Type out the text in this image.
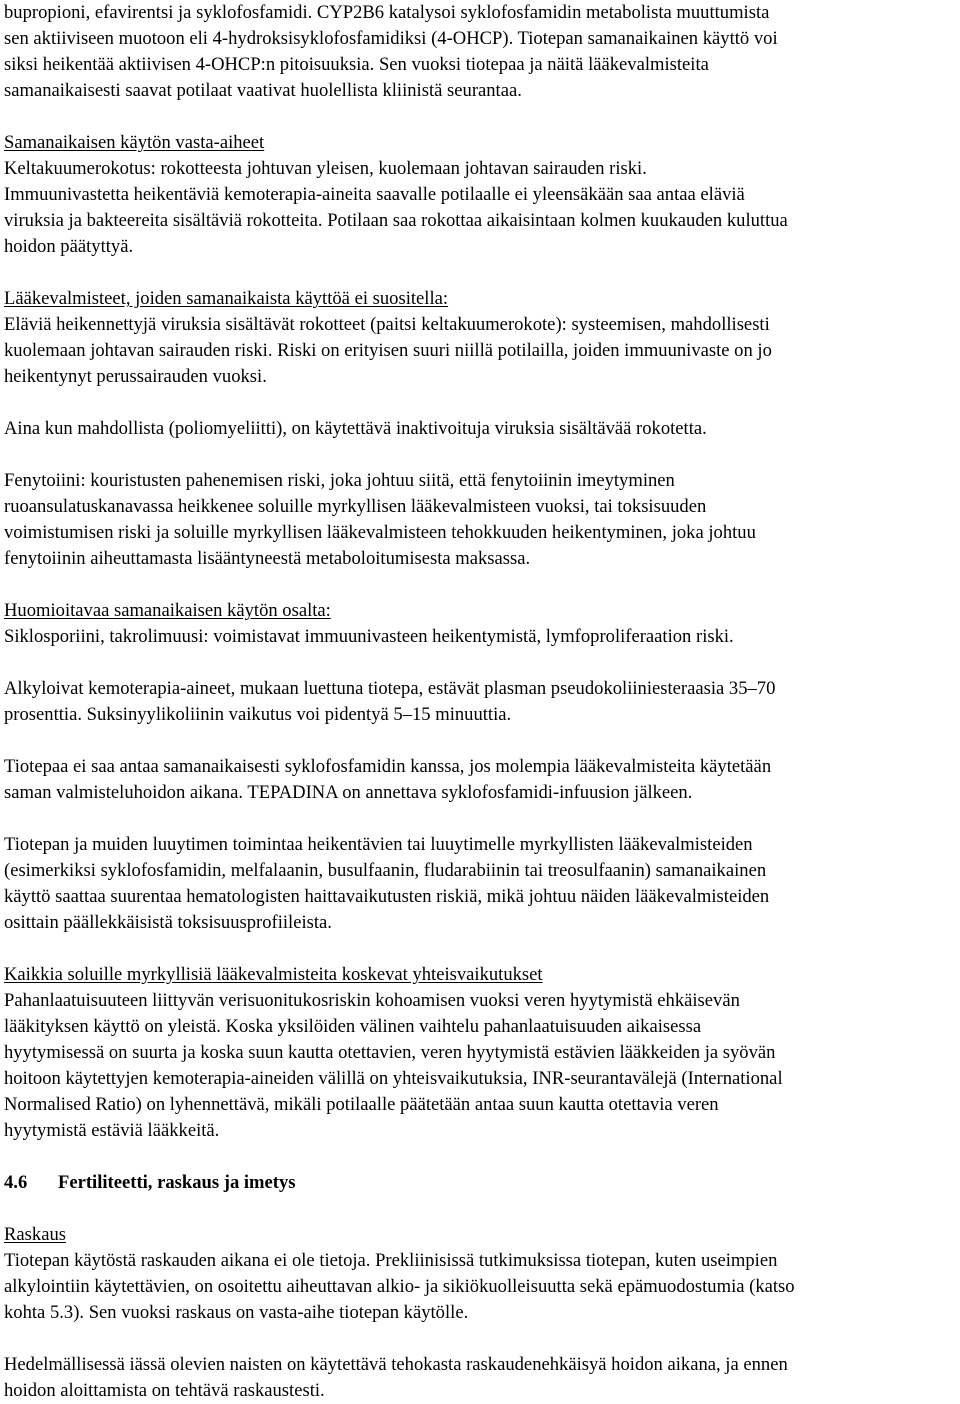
bupropioni, efavirentsi ja syklofosfamidi. CYP2B6 katalysoi syklofosfamidin metabolista muuttumista
sen aktiiviseen muotoon eli 4-hydroksisyklofosfamidiksi (4-OHCP). Tiotepan samanaikainen käyttö voi
siksi heikentää aktiivisen 4-OHCP:n pitoisuuksia. Sen vuoksi tiotepaa ja näitä lääkevalmisteita
samanaikaisesti saavat potilaat vaativat huolellista kliinistä seurantaa.
Samanaikaisen käytön vasta-aiheet
Keltakuumerokotus: rokotteesta johtuvan yleisen, kuolemaan johtavan sairauden riski.
Immuunivastetta heikentäviä kemoterapia-aineita saavalle potilaalle ei yleensäkään saa antaa eläviä
viruksia ja bakteereita sisältäviä rokotteita. Potilaan saa rokottaa aikaisintaan kolmen kuukauden kuluttua
hoidon päätyttyä.
Lääkevalmisteet, joiden samanaikaista käyttöä ei suositella:
Eläviä heikennettyjä viruksia sisältävät rokotteet (paitsi keltakuumerokote): systeemisen, mahdollisesti
kuolemaan johtavan sairauden riski. Riski on erityisen suuri niillä potilailla, joiden immuunivaste on jo
heikentynyt perussairauden vuoksi.
Aina kun mahdollista (poliomyeliitti), on käytettävä inaktivoituja viruksia sisältävää rokotetta.
Fenytoiini: kouristusten pahenemisen riski, joka johtuu siitä, että fenytoiinin imeytyminen
ruoansulatuskanavassa heikkenee soluille myrkyllisen lääkevalmisteen vuoksi, tai toksisuuden
voimistumisen riski ja soluille myrkyllisen lääkevalmisteen tehokkuuden heikentyminen, joka johtuu
fenytoiinin aiheuttamasta lisääntyneestä metaboloitumisesta maksassa.
Huomioitavaa samanaikaisen käytön osalta:
Siklosporiini, takrolimuusi: voimistavat immuunivasteen heikentymistä, lymfoproliferaation riski.
Alkyloivat kemoterapia-aineet, mukaan luettuna tiotepa, estävät plasman pseudokoliiniesteraasia 35–70
prosenttia. Suksinyylikoliinin vaikutus voi pidentyä 5–15 minuuttia.
Tiotepaa ei saa antaa samanaikaisesti syklofosfamidin kanssa, jos molempia lääkevalmisteita käytetään
saman valmisteluhoidon aikana. TEPADINA on annettava syklofosfamidi-infuusion jälkeen.
Tiotepan ja muiden luuytimen toimintaa heikentävien tai luuytimelle myrkyllisten lääkevalmisteiden
(esimerkiksi syklofosfamidin, melfalaanin, busulfaanin, fludarabiinin tai treosulfaanin) samanaikainen
käyttö saattaa suurentaa hematologisten haittavaikutusten riskiä, mikä johtuu näiden lääkevalmisteiden
osittain päällekkäisistä toksisuusprofiileista.
Kaikkia soluille myrkyllisiä lääkevalmisteita koskevat yhteisvaikutukset
Pahanlaatuisuuteen liittyvän verisuonitukosriskin kohoamisen vuoksi veren hyytymistä ehkäisevän
lääkityksen käyttö on yleistä. Koska yksilöiden välinen vaihtelu pahanlaatuisuuden aikaisessa
hyytymisessä on suurta ja koska suun kautta otettavien, veren hyytymistä estävien lääkkeiden ja syövän
hoitoon käytettyjen kemoterapia-aineiden välillä on yhteisvaikutuksia, INR-seurantavälejä (International
Normalised Ratio) on lyhennettävä, mikäli potilaalle päätetään antaa suun kautta otettavia veren
hyytymistä estäviä lääkkeitä.
4.6 Fertiliteetti, raskaus ja imetys
Raskaus
Tiotepan käytöstä raskauden aikana ei ole tietoja. Prekliinisissä tutkimuksissa tiotepan, kuten useimpien
alkylointiin käytettävien, on osoitettu aiheuttavan alkio- ja sikiökuolleisuutta sekä epämuodostumia (katso
kohta 5.3). Sen vuoksi raskaus on vasta-aihe tiotepan käytölle.
Hedelmällisessä iässä olevien naisten on käytettävä tehokasta raskaudenehkäisyä hoidon aikana, ja ennen
hoidon aloittamista on tehtävä raskaustesti.
